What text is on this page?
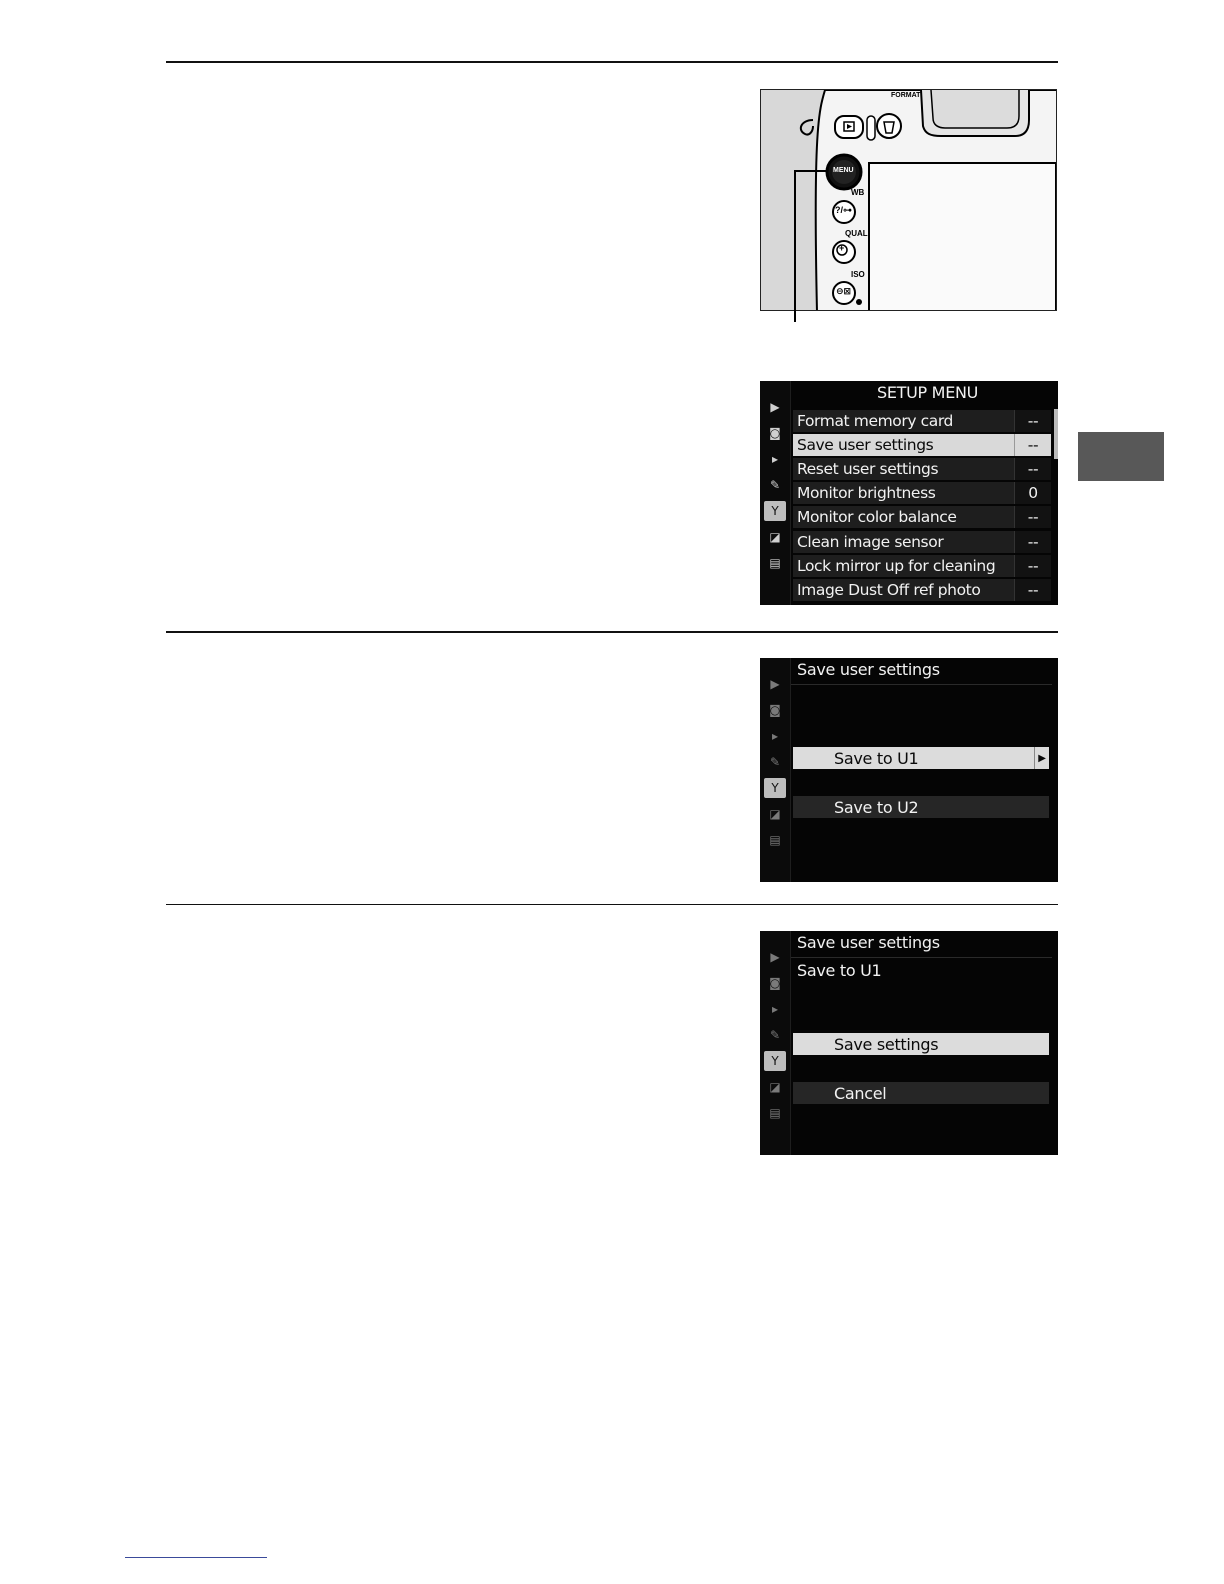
FORMAT
MENU
WB
?/⊶
QUAL
+
ISO
⊖⊠
▶
◙
▸
✎
Y
◪
▤
SETUP MENU
Format memory card	--
Save user settings	--
Reset user settings	--
Monitor brightness	0
Monitor color balance	--
Clean image sensor	--
Lock mirror up for cleaning	--
Image Dust Off ref photo	--
▶
◙
▸
✎
Y
◪
▤
Save user settings
Save to U1	▶
Save to U2
▶
◙
▸
✎
Y
◪
▤
Save user settings
Save to U1
Save settings
Cancel
